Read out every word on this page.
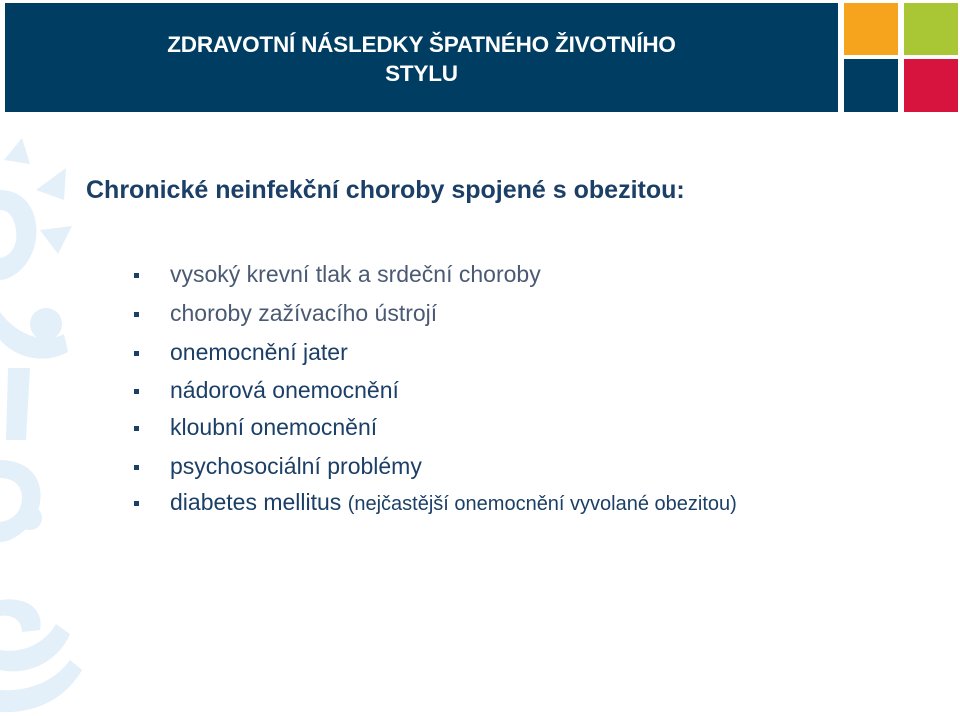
ZDRAVOTNÍ NÁSLEDKY ŠPATNÉHO ŽIVOTNÍHO
STYLU
Chronické neinfekční choroby spojené s obezitou:
vysoký krevní tlak a srdeční choroby
choroby zažívacího ústrojí
onemocnění jater
nádorová onemocnění
kloubní onemocnění
psychosociální problémy
diabetes mellitus (nejčastější onemocnění vyvolané obezitou)
